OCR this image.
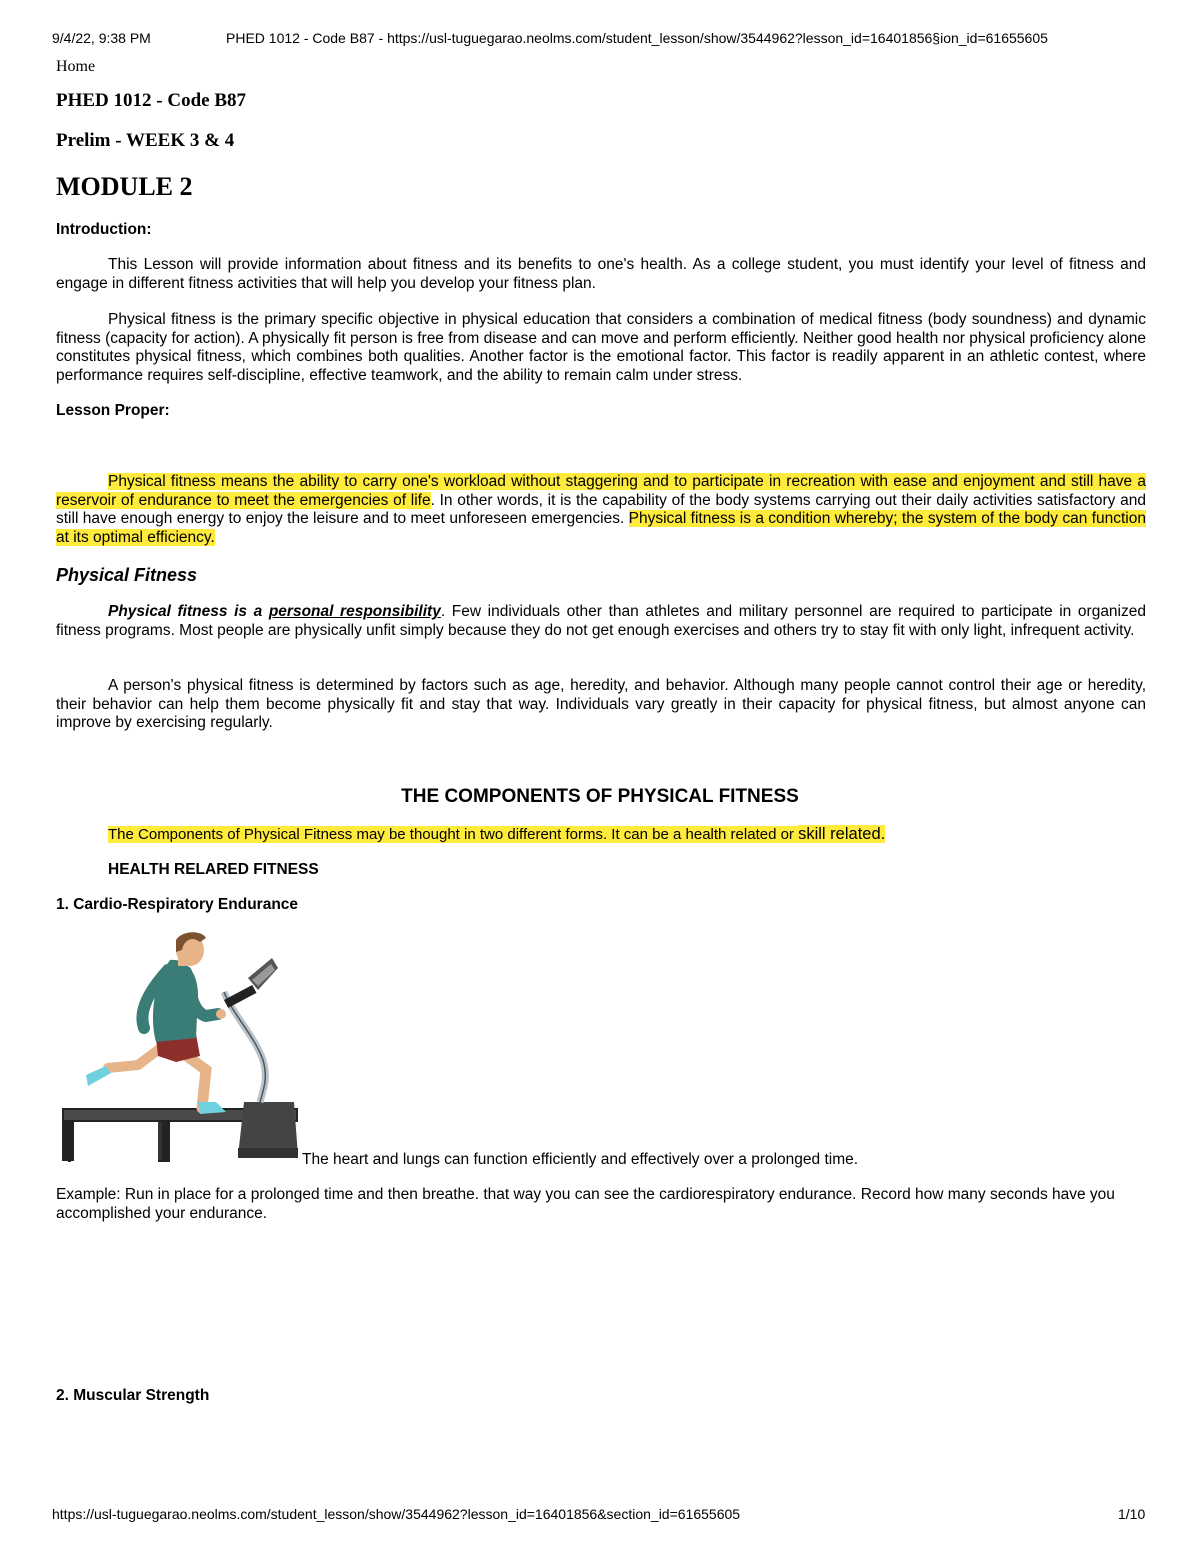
9/4/22, 9:38 PM	PHED 1012 - Code B87 - https://usl-tuguegarao.neolms.com/student_lesson/show/3544962?lesson_id=16401856§ion_id=61655605
Home
PHED 1012 - Code B87
Prelim - WEEK 3 & 4
MODULE 2
Introduction:
This Lesson will provide information about fitness and its benefits to one's health. As a college student, you must identify your level of fitness and engage in different fitness activities that will help you develop your fitness plan.
Physical fitness is the primary specific objective in physical education that considers a combination of medical fitness (body soundness) and dynamic fitness (capacity for action). A physically fit person is free from disease and can move and perform efficiently. Neither good health nor physical proficiency alone constitutes physical fitness, which combines both qualities. Another factor is the emotional factor. This factor is readily apparent in an athletic contest, where performance requires self-discipline, effective teamwork, and the ability to remain calm under stress.
Lesson Proper:
Physical fitness means the ability to carry one's workload without staggering and to participate in recreation with ease and enjoyment and still have a reservoir of endurance to meet the emergencies of life. In other words, it is the capability of the body systems carrying out their daily activities satisfactory and still have enough energy to enjoy the leisure and to meet unforeseen emergencies. Physical fitness is a condition whereby; the system of the body can function at its optimal efficiency.
Physical Fitness
Physical fitness is a personal responsibility. Few individuals other than athletes and military personnel are required to participate in organized fitness programs. Most people are physically unfit simply because they do not get enough exercises and others try to stay fit with only light, infrequent activity.
A person's physical fitness is determined by factors such as age, heredity, and behavior. Although many people cannot control their age or heredity, their behavior can help them become physically fit and stay that way. Individuals vary greatly in their capacity for physical fitness, but almost anyone can improve by exercising regularly.
THE COMPONENTS OF PHYSICAL FITNESS
The Components of Physical Fitness may be thought in two different forms. It can be a health related or skill related.
HEALTH RELARED FITNESS
1. Cardio-Respiratory Endurance
The heart and lungs can function efficiently and effectively over a prolonged time.
Example: Run in place for a prolonged time and then breathe. that way you can see the cardiorespiratory endurance. Record how many seconds have you accomplished your endurance.
2. Muscular Strength
https://usl-tuguegarao.neolms.com/student_lesson/show/3544962?lesson_id=16401856&section_id=61655605	1/10
